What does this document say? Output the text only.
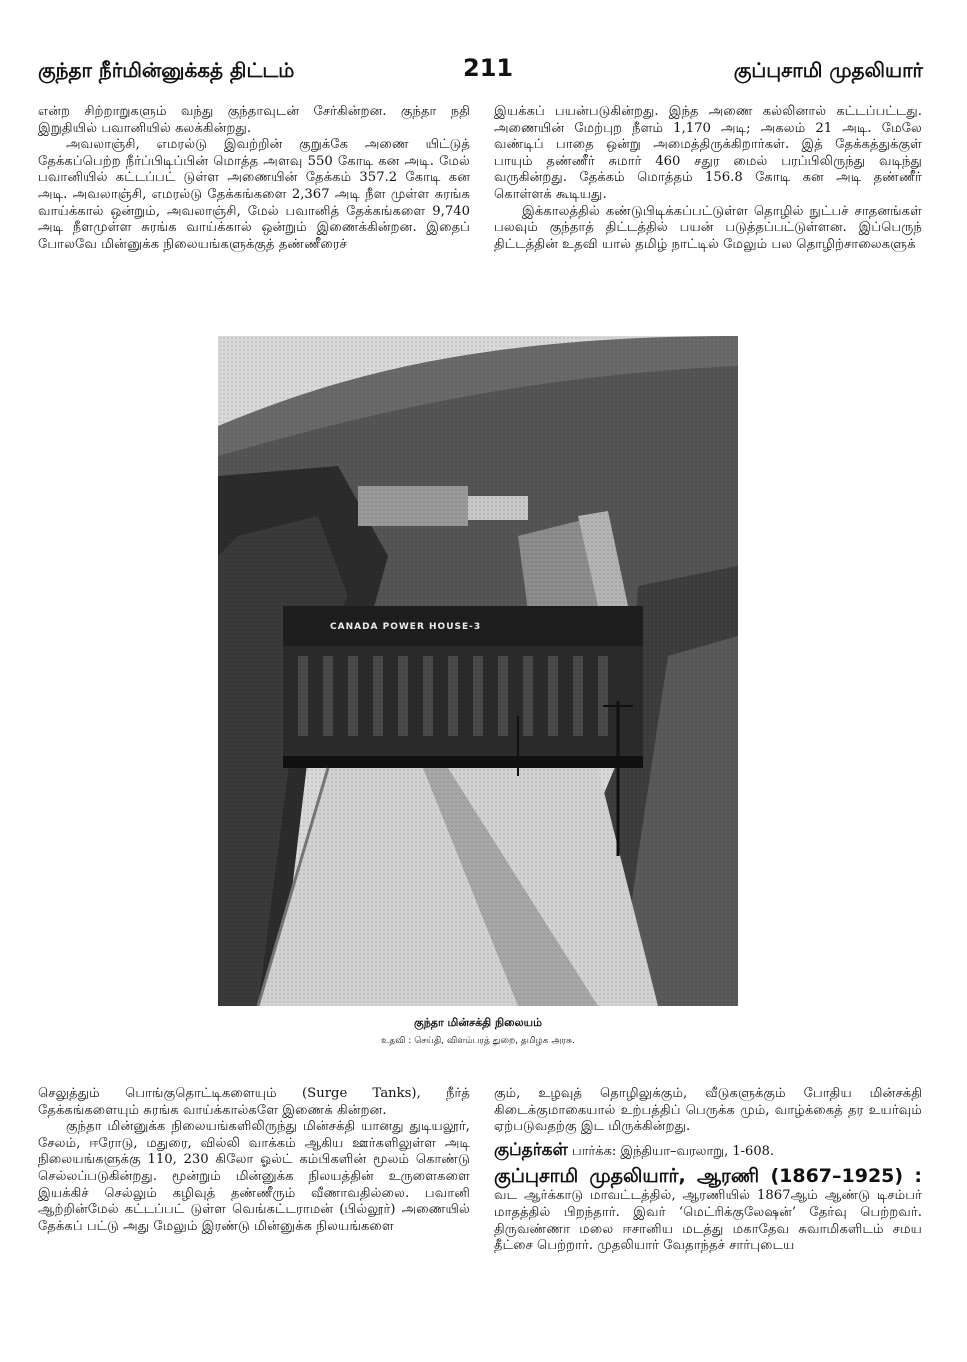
குந்தா நீர்மின்னுக்கத் திட்டம்	211	குப்புசாமி முதலியார்

என்ற சிற்றாறுகளும் வந்து குந்தாவுடன் சேர்கின்றன. குந்தா நதி இறுதியில் பவானியில் கலக்கின்றது.

அவலாஞ்சி, எமரல்டு இவற்றின் குறுக்கே அணை யிட்டுத் தேக்கப்பெற்ற நீர்ப்பிடிப்பின் மொத்த அளவு 550 கோடி கன அடி. மேல் பவானியில் கட்டப்பட் டுள்ள அணையின் தேக்கம் 357.2 கோடி கன அடி. அவலாஞ்சி, எமரல்டு தேக்கங்களை 2,367 அடி நீள முள்ள சுரங்க வாய்க்கால் ஒன்றும், அவலாஞ்சி, மேல் பவானித் தேக்கங்களை 9,740 அடி நீளமுள்ள சுரங்க வாய்க்கால் ஒன்றும் இணைக்கின்றன. இதைப் போலவே மின்னுக்க நிலையங்களுக்குத் தண்ணீரைச்

இயக்கப் பயன்படுகின்றது. இந்த அணை கல்லினால் கட்டப்பட்டது. அணையின் மேற்புற நீளம் 1,170 அடி; அகலம் 21 அடி. மேலே வண்டிப் பாதை ஒன்று அமைத்திருக்கிறார்கள். இத் தேக்கத்துக்குள் பாயும் தண்ணீர் சுமார் 460 சதுர மைல் பரப்பிலிருந்து வடிந்து வருகின்றது. தேக்கம் மொத்தம் 156.8 கோடி கன அடி தண்ணீர் கொள்ளக் கூடியது.

இக்காலத்தில் கண்டுபிடிக்கப்பட்டுள்ள தொழில் நுட்பச் சாதனங்கள் பலவும் குந்தாத் திட்டத்தில் பயன் படுத்தப்பட்டுள்ளன. இப்பெருந் திட்டத்தின் உதவி யால் தமிழ் நாட்டில் மேலும் பல தொழிற்சாலைகளுக்

குந்தா மின்சக்தி நிலையம்
உதவி : செய்தி, விளம்பரத் துறை, தமிழக அரசு.

செலுத்தும் பொங்குதொட்டிகளையும் (Surge Tanks), நீர்த் தேக்கங்களையும் சுரங்க வாய்க்கால்களே இணைக் கின்றன.

குந்தா மின்னுக்க நிலையங்களிலிருந்து மின்சக்தி யானது துடியலூர், சேலம், ஈரோடு, மதுரை, வில்லி வாக்கம் ஆகிய ஊர்களிலுள்ள அடி நிலையங்களுக்கு 110, 230 கிலோ ஓல்ட் கம்பிகளின் மூலம் கொண்டு செல்லப்படுகின்றது. மூன்றும் மின்னுக்க நிலயத்தின் உருளைகளை இயக்கிச் செல்லும் கழிவுத் தண்ணீரும் வீணாவதில்லை. பவானி ஆற்றின்மேல் கட்டப்பட் டுள்ள வெங்கட்டராமன் (பில்லூர்) அணையில் தேக்கப் பட்டு அது மேலும் இரண்டு மின்னுக்க நிலயங்களை

கும், உழவுத் தொழிலுக்கும், வீடுகளுக்கும் போதிய மின்சக்தி கிடைக்குமாகையால் உற்பத்திப் பெருக்க மும், வாழ்க்கைத் தர உயர்வும் ஏற்படுவதற்கு இட மிருக்கின்றது.

குப்தர்கள் பார்க்க: இந்தியா–வரலாறு, 1-608.

குப்புசாமி முதலியார், ஆரணி (1867–1925) : வட ஆர்க்காடு மாவட்டத்தில், ஆரணியில் 1867ஆம் ஆண்டு டிசம்பர் மாதத்தில் பிறந்தார். இவர் ‘மெட்ரிக்குலேஷன்’ தேர்வு பெற்றவர். திருவண்ணா மலை ஈசானிய மடத்து மகாதேவ சுவாமிகளிடம் சமய தீட்சை பெற்றார். முதலியார் வேதாந்தச் சார்புடைய
